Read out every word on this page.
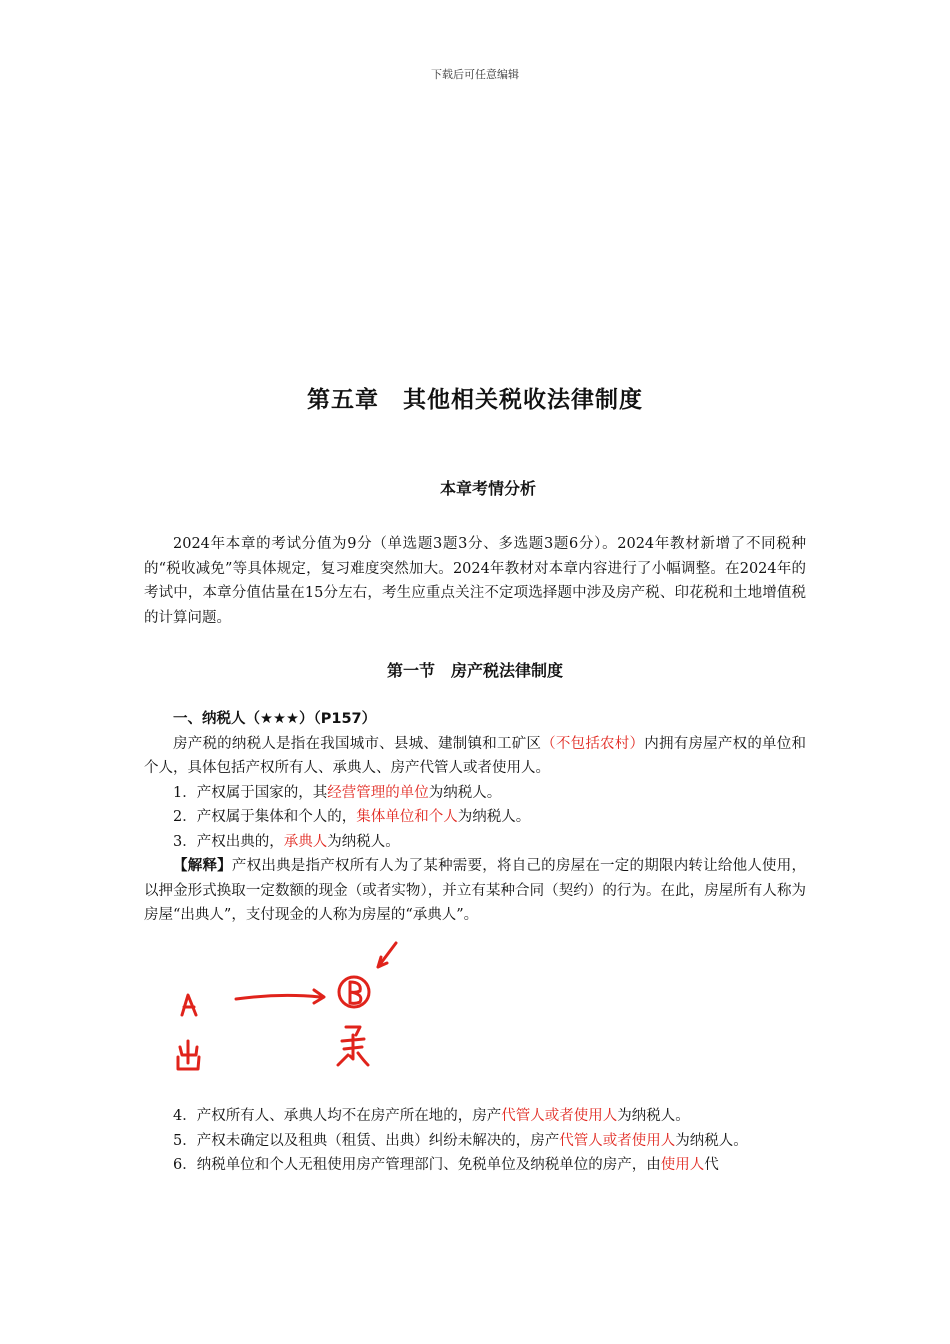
下载后可任意编辑
第五章　其他相关税收法律制度
本章考情分析

2024年本章的考试分值为9分（单选题3题3分、多选题3题6分）。2024年教材新增了不同税种的“税收减免”等具体规定，复习难度突然加大。2024年教材对本章内容进行了小幅调整。在2024年的考试中，本章分值估量在15分左右，考生应重点关注不定项选择题中涉及房产税、印花税和土地增值税的计算问题。

第一节　房产税法律制度

一、纳税人（★★★）（P157）

房产税的纳税人是指在我国城市、县城、建制镇和工矿区（不包括农村）内拥有房屋产权的单位和个人，具体包括产权所有人、承典人、房产代管人或者使用人。

1．产权属于国家的，其经营管理的单位为纳税人。

2．产权属于集体和个人的，集体单位和个人为纳税人。

3．产权出典的，承典人为纳税人。

【解释】产权出典是指产权所有人为了某种需要，将自己的房屋在一定的期限内转让给他人使用，以押金形式换取一定数额的现金（或者实物），并立有某种合同（契约）的行为。在此，房屋所有人称为房屋“出典人”，支付现金的人称为房屋的“承典人”。

4．产权所有人、承典人均不在房产所在地的，房产代管人或者使用人为纳税人。

5．产权未确定以及租典（租赁、出典）纠纷未解决的，房产代管人或者使用人为纳税人。

6．纳税单位和个人无租使用房产管理部门、免税单位及纳税单位的房产，由使用人代
